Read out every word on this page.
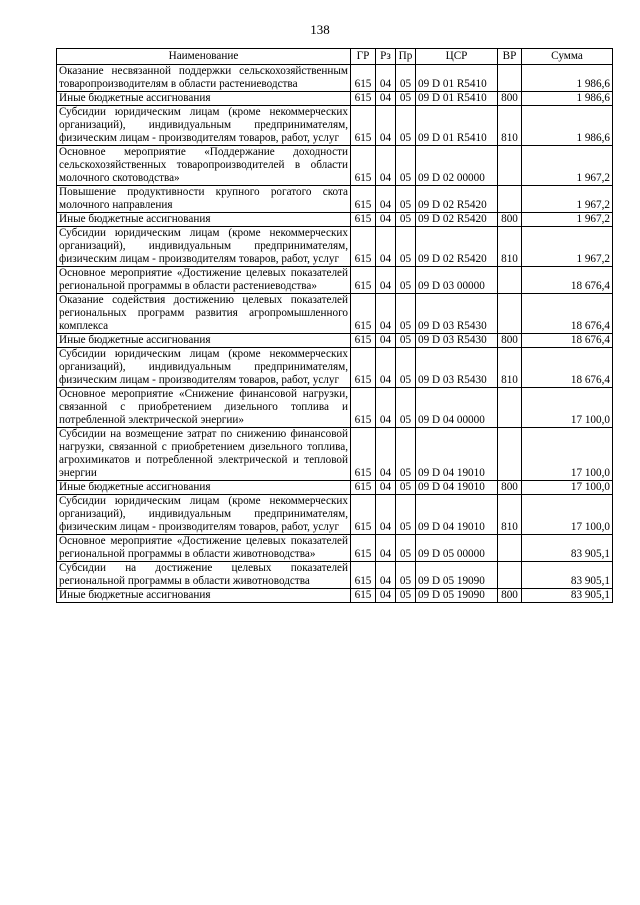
138
Наименование	ГР	Рз	Пр	ЦСР	ВР	Сумма
Оказание несвязанной поддержки сельскохозяйственным товаропроизводителям в области растениеводства	615	04	05	09 D 01 R5410		1 986,6
Иные бюджетные ассигнования	615	04	05	09 D 01 R5410	800	1 986,6
Субсидии юридическим лицам (кроме некоммерческих организаций), индивидуальным предпринимателям, физическим лицам - производителям товаров, работ, услуг	615	04	05	09 D 01 R5410	810	1 986,6
Основное мероприятие «Поддержание доходности сельскохозяйственных товаропроизводителей в области молочного скотоводства»	615	04	05	09 D 02 00000		1 967,2
Повышение продуктивности крупного рогатого скота молочного направления	615	04	05	09 D 02 R5420		1 967,2
Иные бюджетные ассигнования	615	04	05	09 D 02 R5420	800	1 967,2
Субсидии юридическим лицам (кроме некоммерческих организаций), индивидуальным предпринимателям, физическим лицам - производителям товаров, работ, услуг	615	04	05	09 D 02 R5420	810	1 967,2
Основное мероприятие «Достижение целевых показателей региональной программы в области растениеводства»	615	04	05	09 D 03 00000		18 676,4
Оказание содействия достижению целевых показателей региональных программ развития агропромышленного комплекса	615	04	05	09 D 03 R5430		18 676,4
Иные бюджетные ассигнования	615	04	05	09 D 03 R5430	800	18 676,4
Субсидии юридическим лицам (кроме некоммерческих организаций), индивидуальным предпринимателям, физическим лицам - производителям товаров, работ, услуг	615	04	05	09 D 03 R5430	810	18 676,4
Основное мероприятие «Снижение финансовой нагрузки, связанной с приобретением дизельного топлива и потребленной электрической энергии»	615	04	05	09 D 04 00000		17 100,0
Субсидии на возмещение затрат по снижению финансовой нагрузки, связанной с приобретением дизельного топлива, агрохимикатов и потребленной электрической и тепловой энергии	615	04	05	09 D 04 19010		17 100,0
Иные бюджетные ассигнования	615	04	05	09 D 04 19010	800	17 100,0
Субсидии юридическим лицам (кроме некоммерческих организаций), индивидуальным предпринимателям, физическим лицам - производителям товаров, работ, услуг	615	04	05	09 D 04 19010	810	17 100,0
Основное мероприятие «Достижение целевых показателей региональной программы в области животноводства»	615	04	05	09 D 05 00000		83 905,1
Субсидии на достижение целевых показателей региональной программы в области животноводства	615	04	05	09 D 05 19090		83 905,1
Иные бюджетные ассигнования	615	04	05	09 D 05 19090	800	83 905,1
